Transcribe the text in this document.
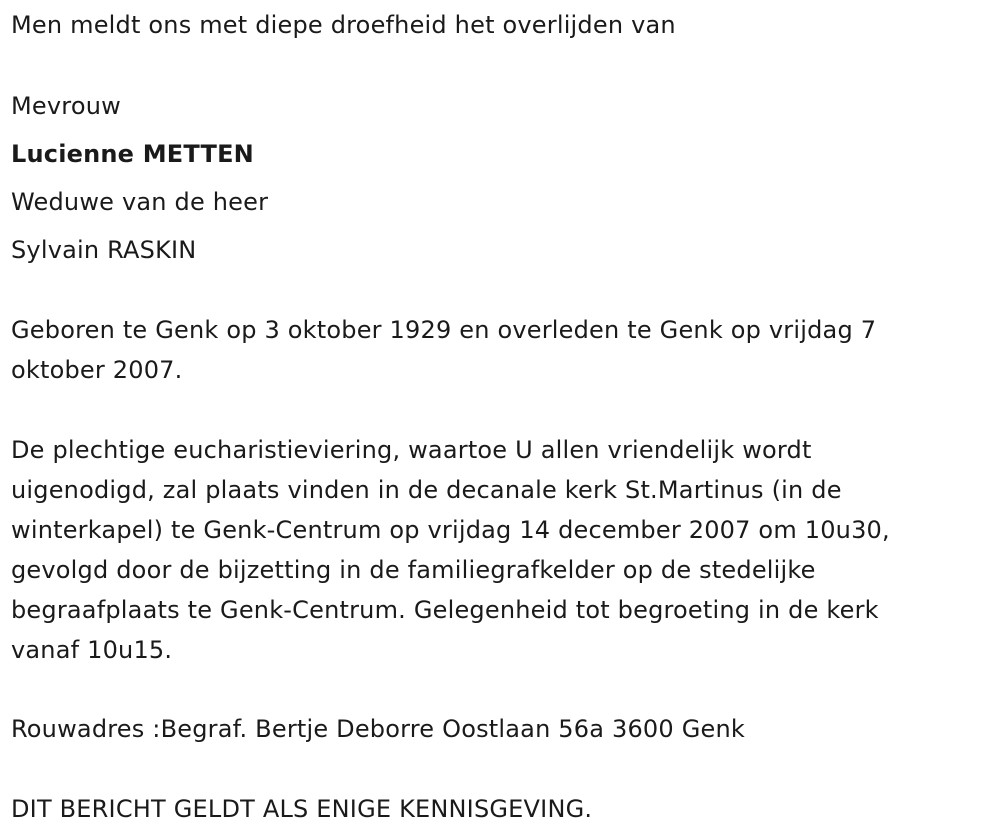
Men meldt ons met diepe droefheid het overlijden van
Mevrouw
Lucienne METTEN
Weduwe van de heer
Sylvain RASKIN
Geboren te Genk op 3 oktober 1929 en overleden te Genk op vrijdag 7
oktober 2007.
De plechtige eucharistieviering, waartoe U allen vriendelijk wordt
uigenodigd, zal plaats vinden in de decanale kerk St.Martinus (in de
winterkapel) te Genk-Centrum op vrijdag 14 december 2007 om 10u30,
gevolgd door de bijzetting in de familiegrafkelder op de stedelijke
begraafplaats te Genk-Centrum. Gelegenheid tot begroeting in de kerk
vanaf 10u15.
Rouwadres :Begraf. Bertje Deborre Oostlaan 56a 3600 Genk
DIT BERICHT GELDT ALS ENIGE KENNISGEVING.
